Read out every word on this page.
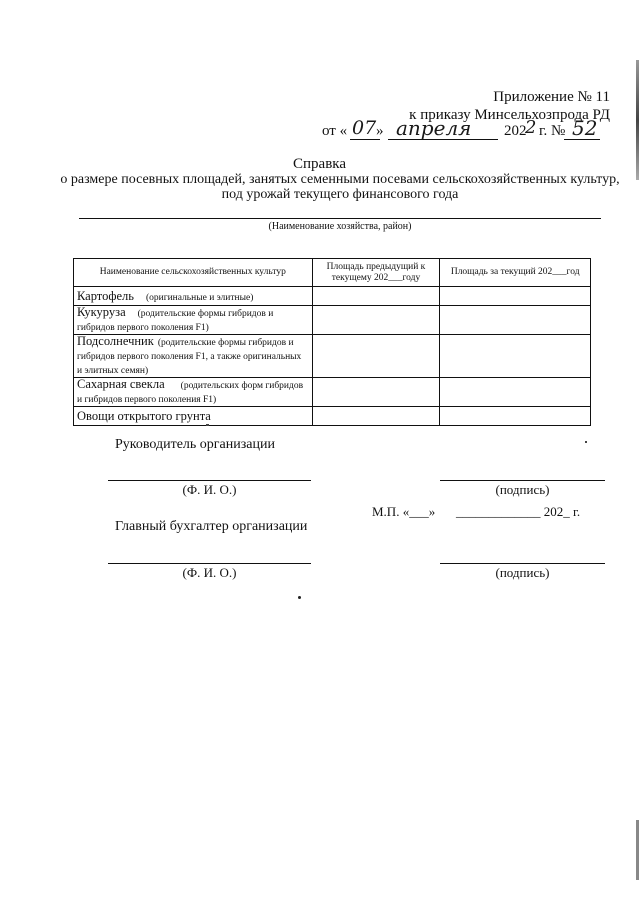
Приложение № 11
к приказу Минсельхозпрода РД
от « 07 » апреля 202
2 г. № 52
Справка
о размере посевных площадей, занятых семенными посевами сельскохозяйственных культур,
под урожай текущего финансового года
(Наименование хозяйства, район)
Наименование сельскохозяйственных культур	Площадь предыдущий к текущему 202___году	Площадь за текущий 202___год
Картофель (оригинальные и элитные)		
Кукуруза (родительские формы гибридов и гибридов первого поколения F1)		
Подсолнечник (родительские формы гибридов и гибридов первого поколения F1, а также оригинальных и элитных семян)		
Сахарная свекла (родительских форм гибридов и гибридов первого поколения F1)		
Овощи открытого грунта		
Руководитель организации
(Ф. И. О.)	(подпись)
М.П. «___» _____________ 202_ г.
Главный бухгалтер организации
(Ф. И. О.)	(подпись)
